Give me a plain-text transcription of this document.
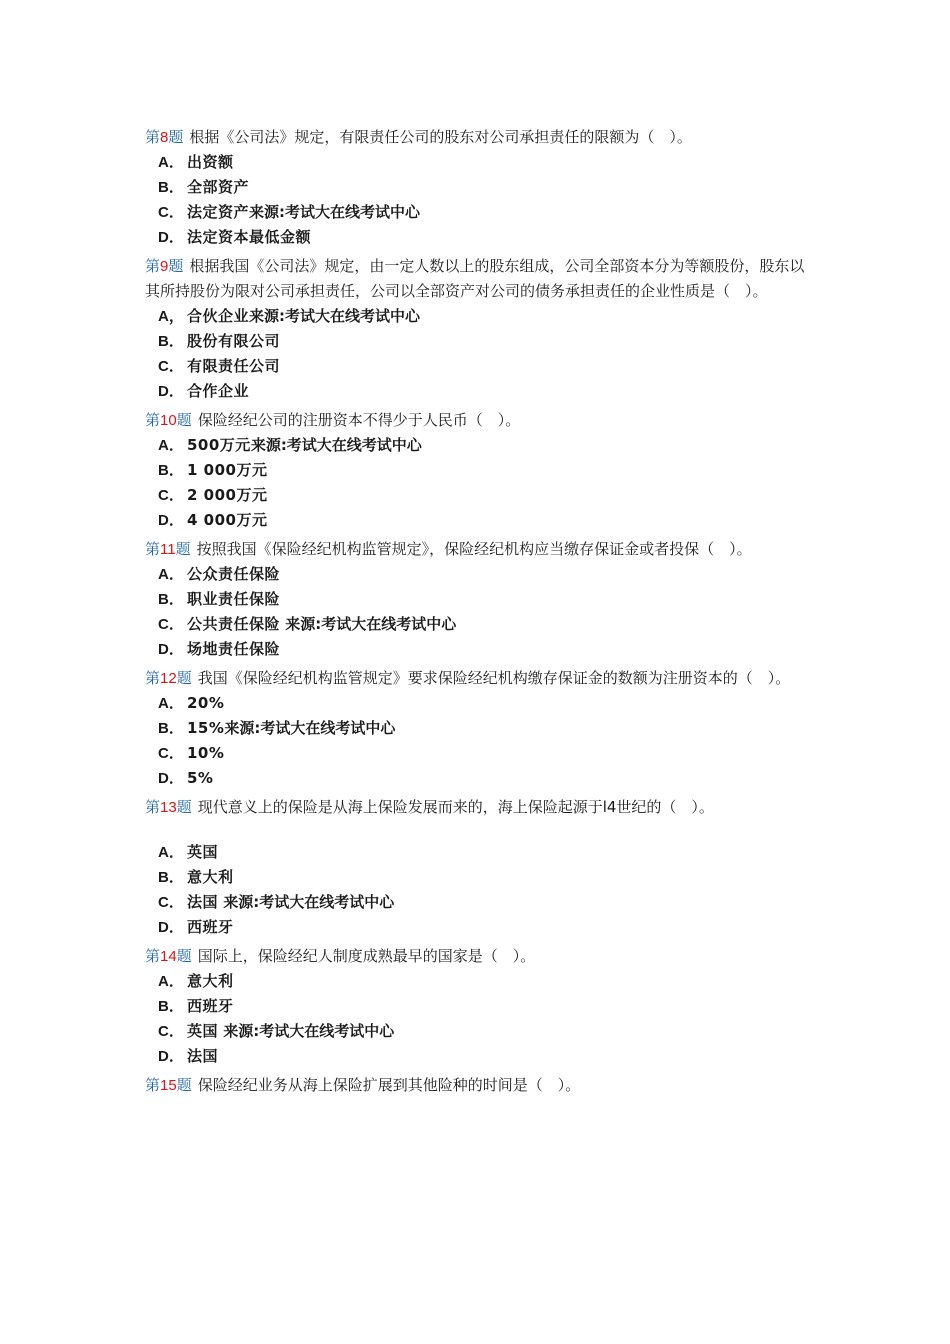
第8题 根据《公司法》规定，有限责任公司的股东对公司承担责任的限额为（　）。

A． 出资额
B． 全部资产
C． 法定资产来源:考试大在线考试中心
D． 法定资本最低金额

第9题 根据我国《公司法》规定，由一定人数以上的股东组成，公司全部资本分为等额股份，股东以其所持股份为限对公司承担责任，公司以全部资产对公司的债务承担责任的企业性质是（　）。

A， 合伙企业来源:考试大在线考试中心
B． 股份有限公司
C． 有限责任公司
D． 合作企业

第10题 保险经纪公司的注册资本不得少于人民币（　）。

A． 500万元来源:考试大在线考试中心
B． 1 000万元
C． 2 000万元
D． 4 000万元

第11题 按照我国《保险经纪机构监管规定》，保险经纪机构应当缴存保证金或者投保（　）。

A． 公众责任保险
B． 职业责任保险
C． 公共责任保险 来源:考试大在线考试中心
D． 场地责任保险

第12题 我国《保险经纪机构监管规定》要求保险经纪机构缴存保证金的数额为注册资本的（　）。

A． 20%
B． 15%来源:考试大在线考试中心
C． 10%
D． 5%

第13题 现代意义上的保险是从海上保险发展而来的，海上保险起源于l4世纪的（　）。

A． 英国
B． 意大利
C． 法国 来源:考试大在线考试中心
D． 西班牙

第14题 国际上，保险经纪人制度成熟最早的国家是（　）。

A． 意大利
B． 西班牙
C． 英国 来源:考试大在线考试中心
D． 法国

第15题 保险经纪业务从海上保险扩展到其他险种的时间是（　）。
